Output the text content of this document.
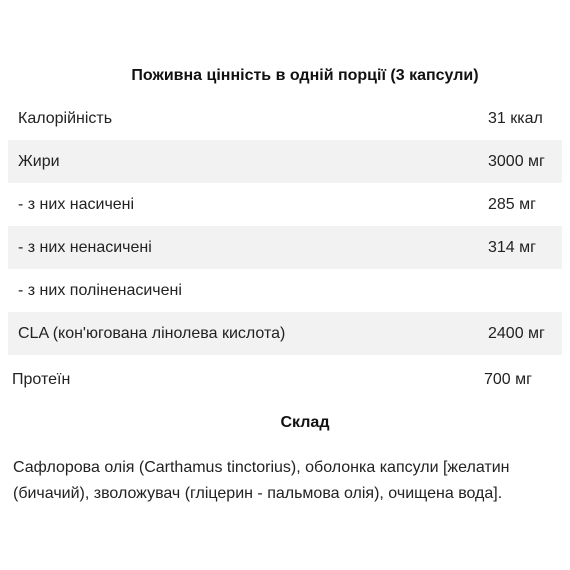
Поживна цінність в одній порції (3 капсули)
Калорійність	31 ккал
Жири	3000 мг
- з них насичені	285 мг
- з них ненасичені	314 мг
- з них поліненасичені
CLA (кон'югована лінолева кислота)	2400 мг
Протеїн	700 мг
Склад
Сафлорова олія (Carthamus tinctorius), оболонка капсули [желатин (бичачий), зволожувач (гліцерин - пальмова олія), очищена вода].
